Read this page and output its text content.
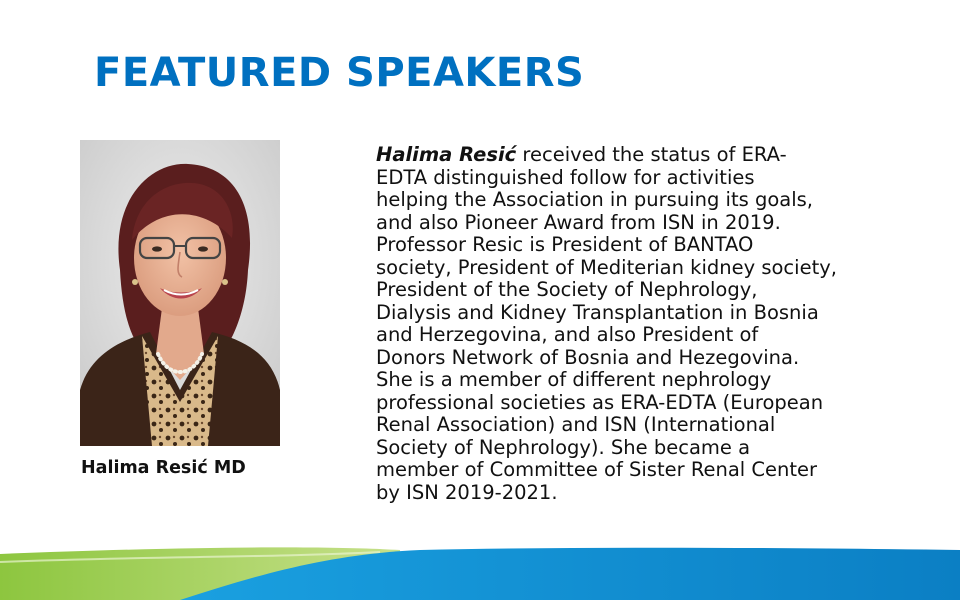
FEATURED SPEAKERS
Halima Resić MD

Halima Resić received the status of ERA-
EDTA distinguished follow for activities
helping the Association in pursuing its goals,
and also Pioneer Award from ISN in 2019.
Professor Resic is President of BANTAO
society, President of Mediterian kidney society,
President of the Society of Nephrology,
Dialysis and Kidney Transplantation in Bosnia
and Herzegovina, and also President of
Donors Network of Bosnia and Hezegovina.
She is a member of different nephrology
professional societies as ERA-EDTA (European
Renal Association) and ISN (International
Society of Nephrology). She became a
member of Committee of Sister Renal Center
by ISN 2019-2021.
